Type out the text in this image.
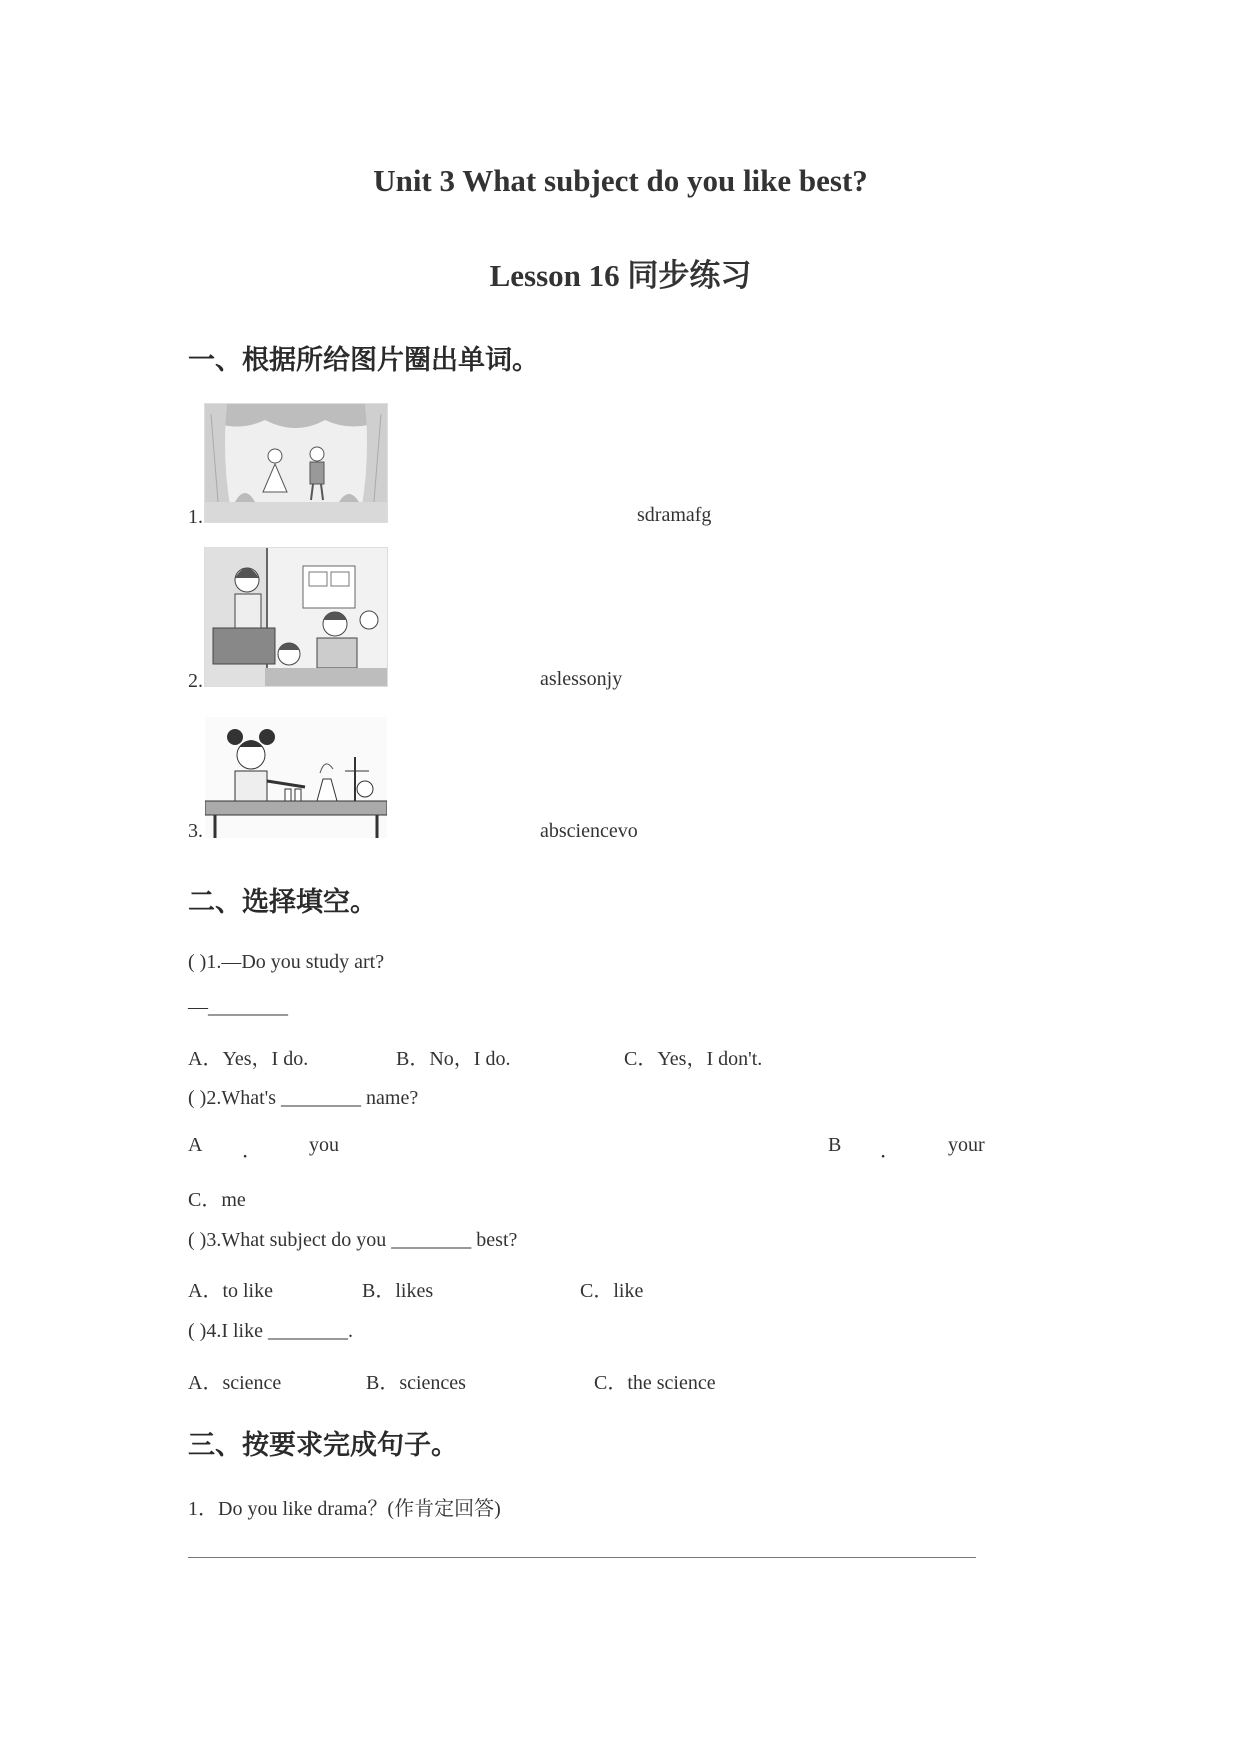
Unit 3 What subject do you like best?
Lesson 16 同步练习
一、根据所给图片圈出单词。
1.	sdramafg
2.	aslessonjy
3.	absciencevo
二、选择填空。
( )1.—Do you study art?
—________
A．Yes，I do.	B．No，I do.	C．Yes，I don't.
( )2.What's ________ name?
A ． you	B ． your
C．me
( )3.What subject do you ________ best?
A．to like	B．likes	C．like
( )4.I like ________.
A．science	B．sciences	C．the science
三、按要求完成句子。
1．Do you like drama？(作肯定回答)
